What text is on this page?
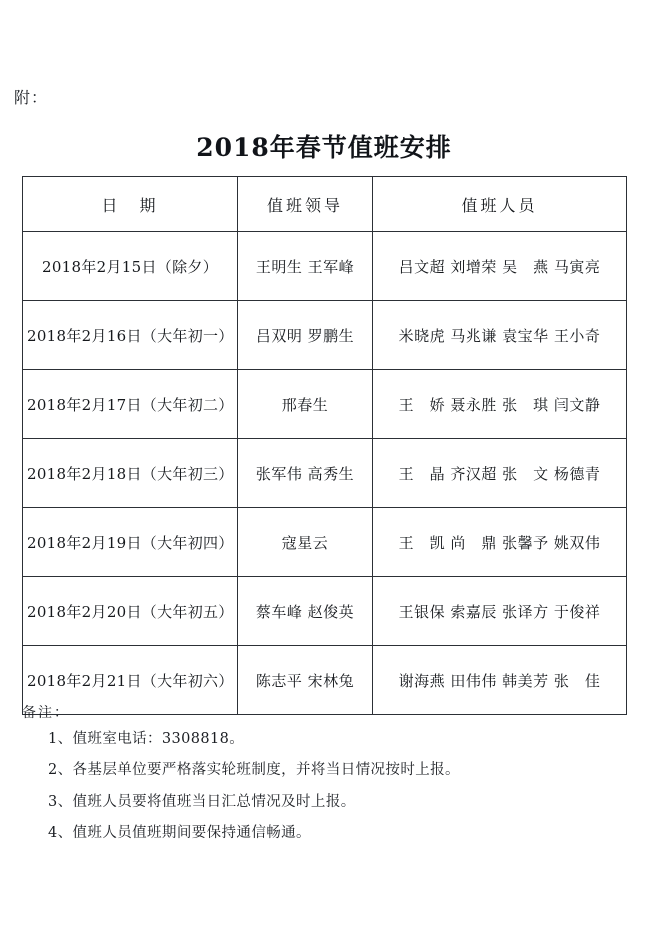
附：
2018年春节值班安排
日　期	值班领导	值班人员
2018年2月15日（除夕）	王明生 王军峰	吕文超 刘增荣 吴　燕 马寅亮
2018年2月16日（大年初一）	吕双明 罗鹏生	米晓虎 马兆谦 袁宝华 王小奇
2018年2月17日（大年初二）	邢春生	王　娇 聂永胜 张　琪 闫文静
2018年2月18日（大年初三）	张军伟 高秀生	王　晶 齐汉超 张　文 杨德青
2018年2月19日（大年初四）	寇星云	王　凯 尚　鼎 张馨予 姚双伟
2018年2月20日（大年初五）	蔡车峰 赵俊英	王银保 索嘉辰 张译方 于俊祥
2018年2月21日（大年初六）	陈志平 宋林兔	谢海燕 田伟伟 韩美芳 张　佳
备注：
1、值班室电话：3308818。
2、各基层单位要严格落实轮班制度，并将当日情况按时上报。
3、值班人员要将值班当日汇总情况及时上报。
4、值班人员值班期间要保持通信畅通。
